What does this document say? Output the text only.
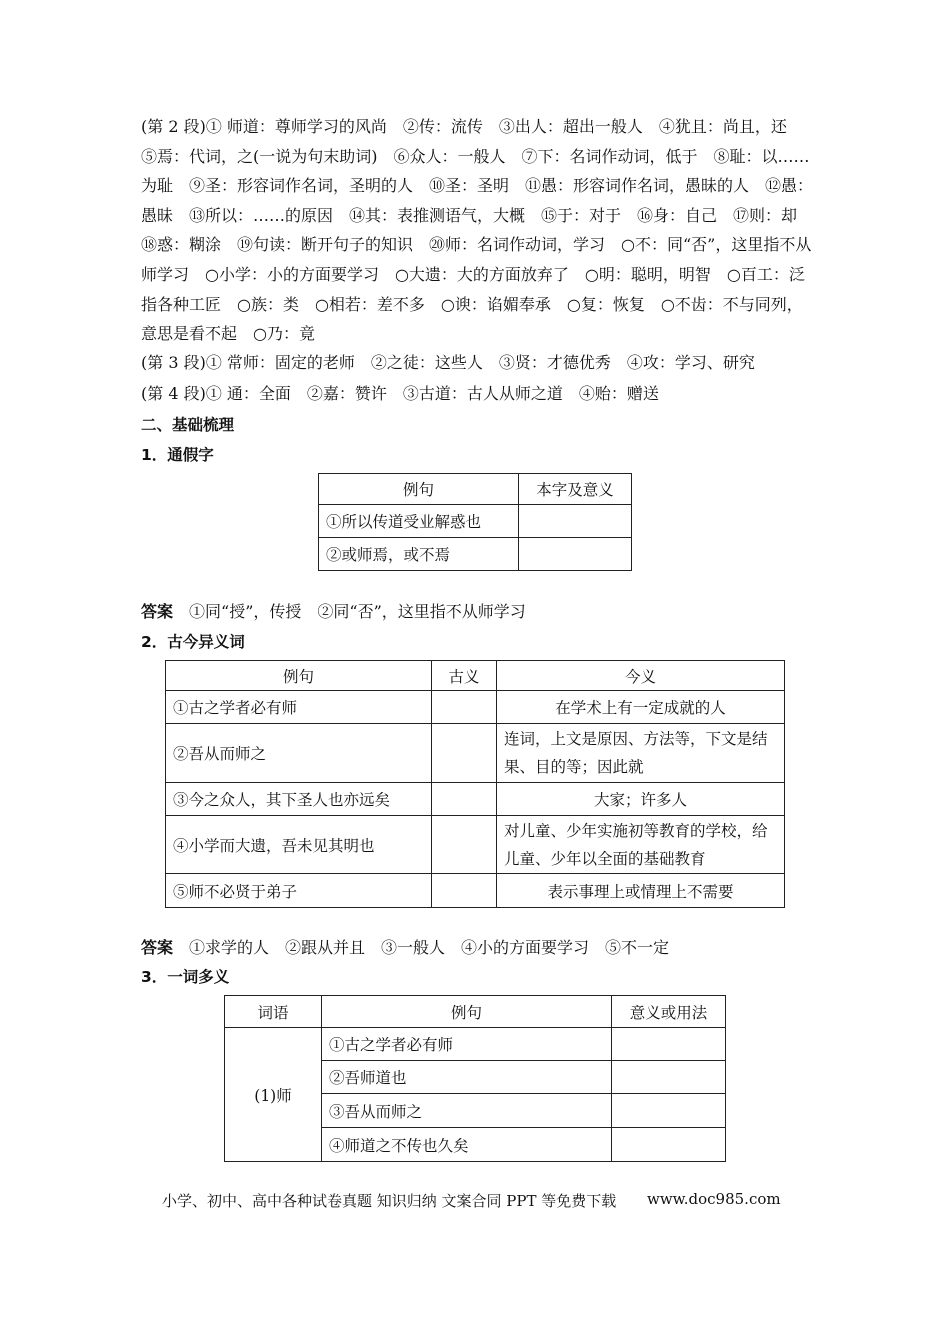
(第 2 段)① 师道：尊师学习的风尚　②传：流传　③出人：超出一般人　④犹且：尚且，还　⑤焉：代词，之(一说为句末助词)　⑥众人：一般人　⑦下：名词作动词，低于　⑧耻：以……为耻　⑨圣：形容词作名词，圣明的人　⑩圣：圣明　⑪愚：形容词作名词，愚昧的人　⑫愚：愚昧　⑬所以：……的原因　⑭其：表推测语气，大概　⑮于：对于　⑯身：自己　⑰则：却　⑱惑：糊涂　⑲句读：断开句子的知识　⑳师：名词作动词，学习　○不：同“否”，这里指不从师学习　○小学：小的方面要学习　○大遗：大的方面放弃了　○明：聪明，明智　○百工：泛指各种工匠　○族：类　○相若：差不多　○谀：谄媚奉承　○复：恢复　○不齿：不与同列，意思是看不起　○乃：竟

(第 3 段)① 常师：固定的老师　②之徒：这些人　③贤：才德优秀　④攻：学习、研究

(第 4 段)① 通：全面　②嘉：赞许　③古道：古人从师之道　④贻：赠送

二、基础梳理

1．通假字

例句	本字及意义
①所以传道受业解惑也	
②或师焉，或不焉	

答案　 ①同“授”，传授　②同“否”，这里指不从师学习

2．古今异义词

例句	古义	今义
①古之学者必有师		在学术上有一定成就的人
②吾从而师之		连词，上文是原因、方法等，下文是结果、目的等；因此就
③今之众人，其下圣人也亦远矣		大家；许多人
④小学而大遗，吾未见其明也		对儿童、少年实施初等教育的学校，给儿童、少年以全面的基础教育
⑤师不必贤于弟子		表示事理上或情理上不需要

答案　 ①求学的人　②跟从并且　③一般人　④小的方面要学习　⑤不一定

3．一词多义

词语	例句	意义或用法
(1)师	①古之学者必有师	
	②吾师道也	
	③吾从而师之	
	④师道之不传也久矣	
小学、初中、高中各种试卷真题 知识归纳 文案合同 PPT 等免费下载 www.doc985.com
